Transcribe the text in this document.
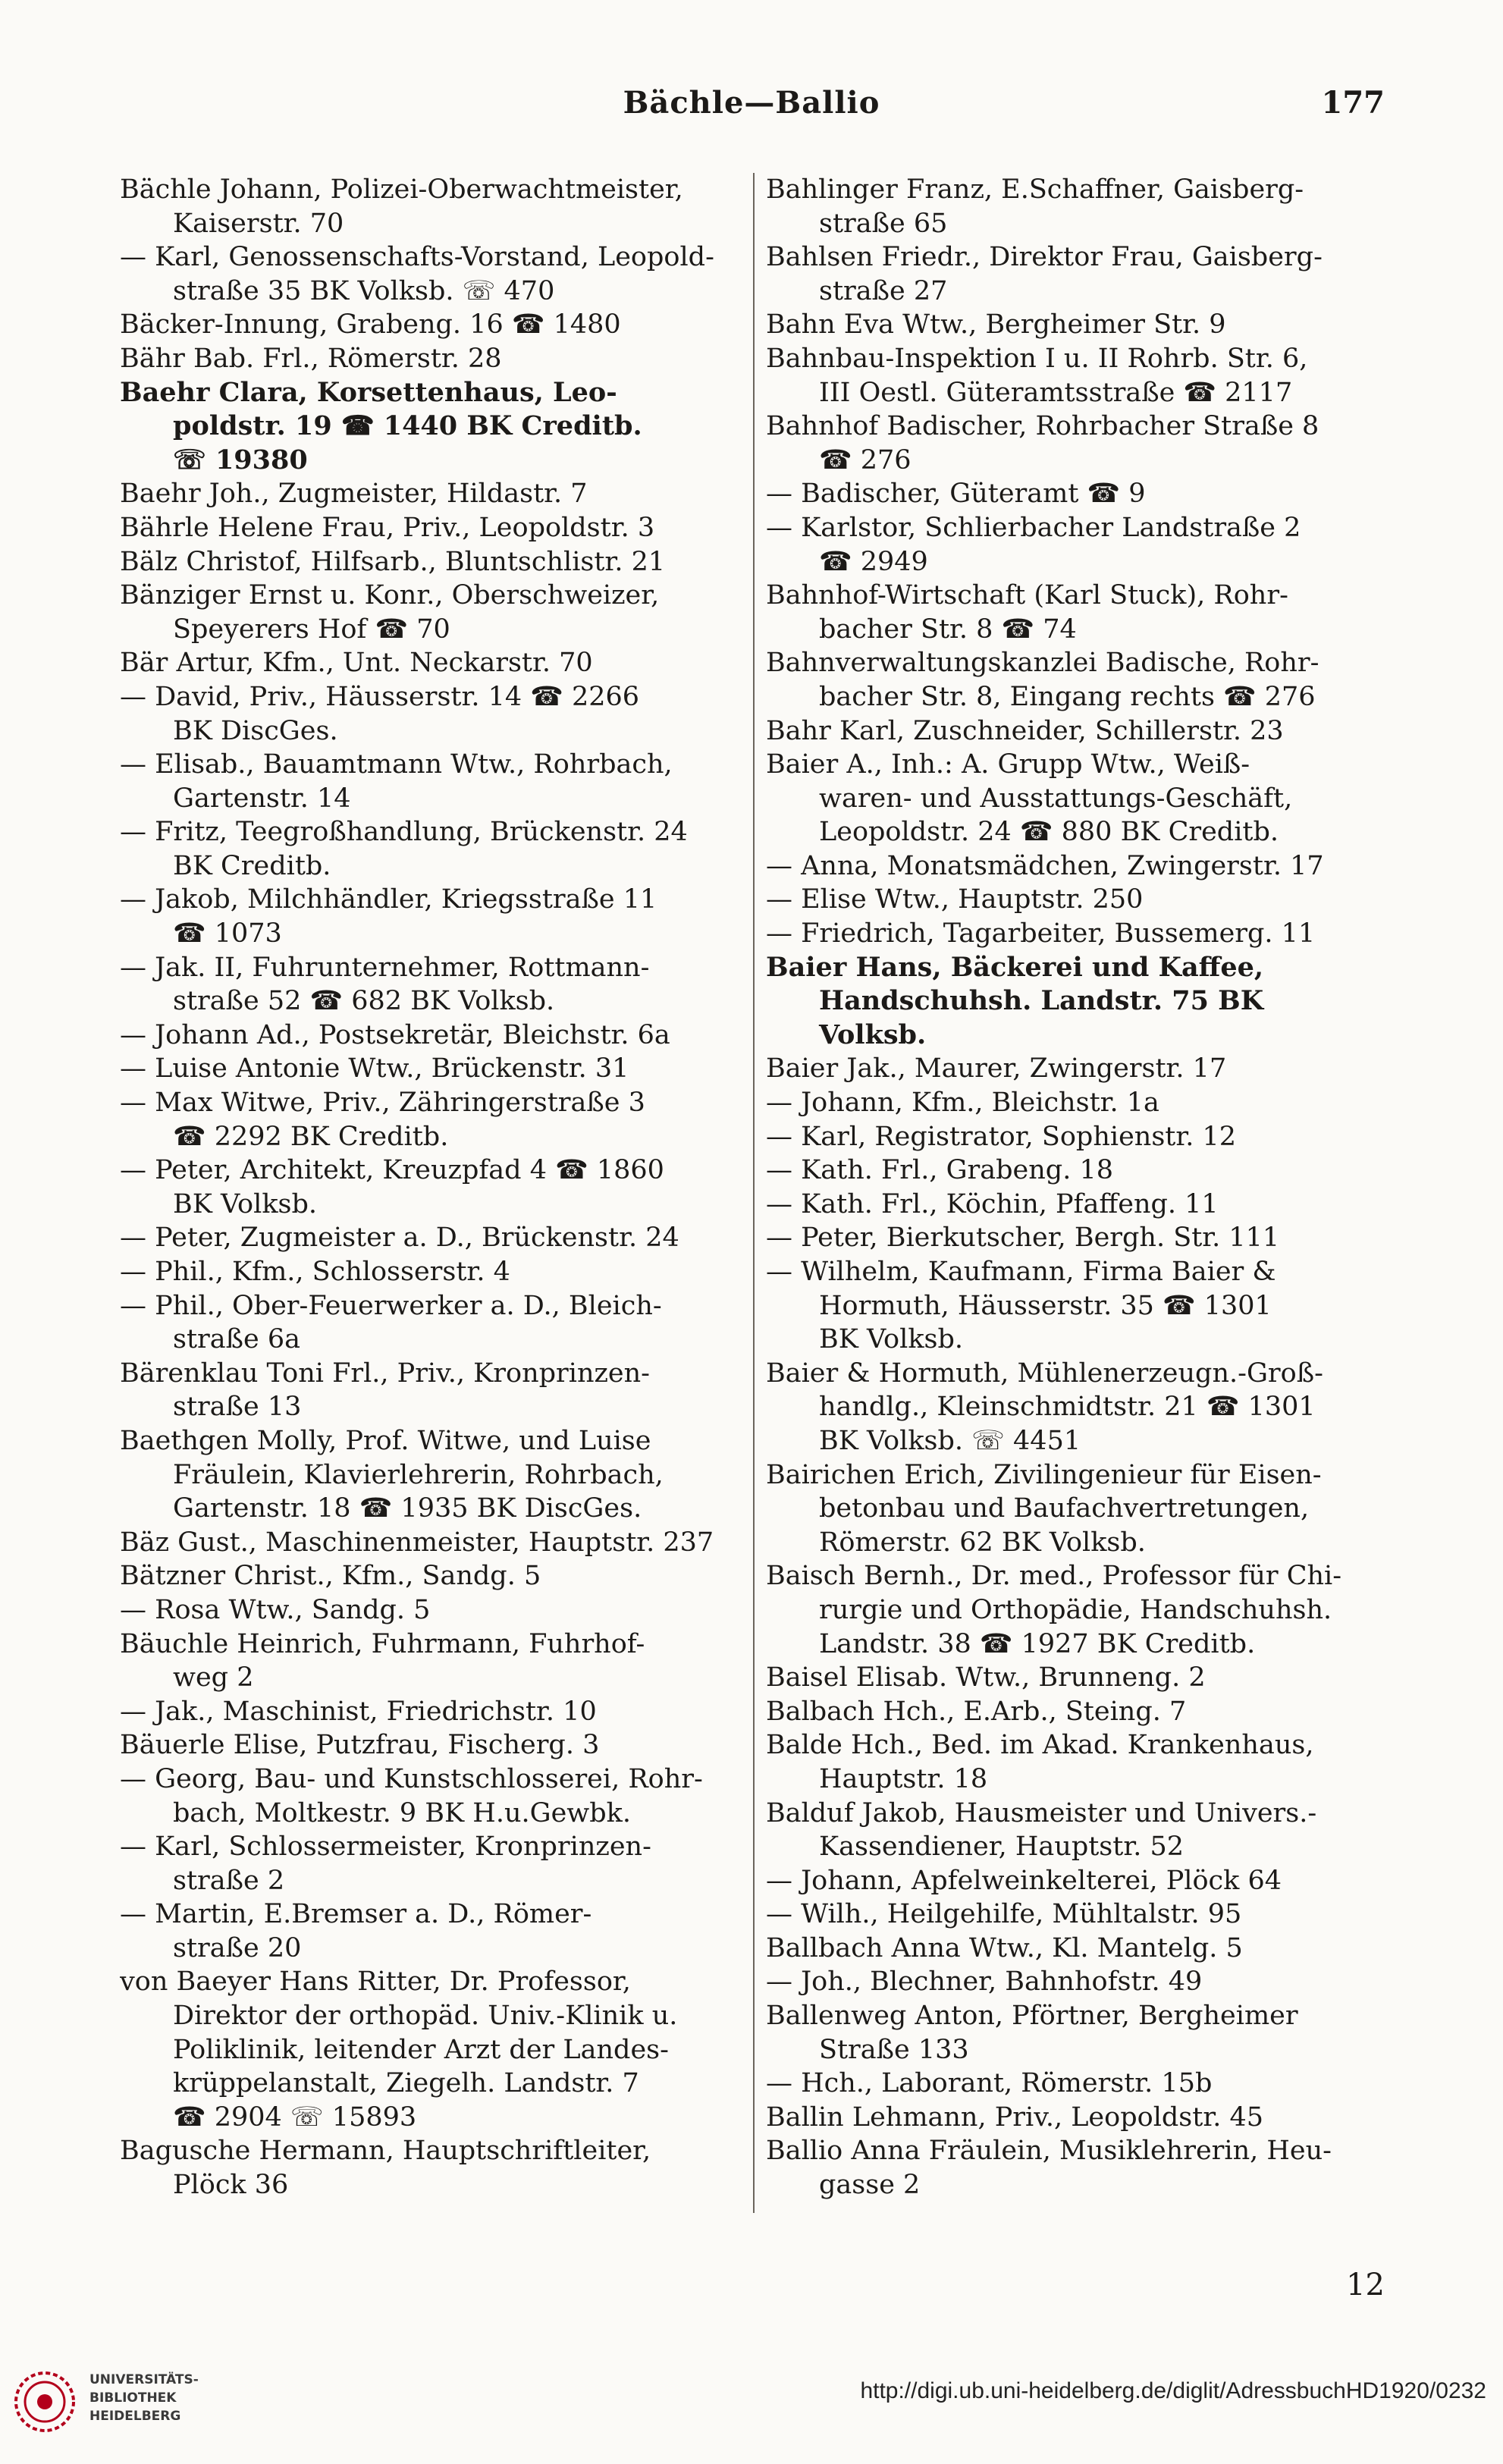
Bächle—Ballio	177
Bächle Johann, Polizei-Oberwachtmeister,
Kaiserstr. 70
— Karl, Genossenschafts-Vorstand, Leopold-
straße 35 BK Volksb. ☏ 470
Bäcker-Innung, Grabeng. 16 ☎ 1480
Bähr Bab. Frl., Römerstr. 28
Baehr Clara, Korsettenhaus, Leo-
poldstr. 19 ☎ 1440 BK Creditb.
☏ 19380
Baehr Joh., Zugmeister, Hildastr. 7
Bährle Helene Frau, Priv., Leopoldstr. 3
Bälz Christof, Hilfsarb., Bluntschlistr. 21
Bänziger Ernst u. Konr., Oberschweizer,
Speyerers Hof ☎ 70
Bär Artur, Kfm., Unt. Neckarstr. 70
— David, Priv., Häusserstr. 14 ☎ 2266
BK DiscGes.
— Elisab., Bauamtmann Wtw., Rohrbach,
Gartenstr. 14
— Fritz, Teegroßhandlung, Brückenstr. 24
BK Creditb.
— Jakob, Milchhändler, Kriegsstraße 11
☎ 1073
— Jak. II, Fuhrunternehmer, Rottmann-
straße 52 ☎ 682 BK Volksb.
— Johann Ad., Postsekretär, Bleichstr. 6a
— Luise Antonie Wtw., Brückenstr. 31
— Max Witwe, Priv., Zähringerstraße 3
☎ 2292 BK Creditb.
— Peter, Architekt, Kreuzpfad 4 ☎ 1860
BK Volksb.
— Peter, Zugmeister a. D., Brückenstr. 24
— Phil., Kfm., Schlosserstr. 4
— Phil., Ober-Feuerwerker a. D., Bleich-
straße 6a
Bärenklau Toni Frl., Priv., Kronprinzen-
straße 13
Baethgen Molly, Prof. Witwe, und Luise
Fräulein, Klavierlehrerin, Rohrbach,
Gartenstr. 18 ☎ 1935 BK DiscGes.
Bäz Gust., Maschinenmeister, Hauptstr. 237
Bätzner Christ., Kfm., Sandg. 5
— Rosa Wtw., Sandg. 5
Bäuchle Heinrich, Fuhrmann, Fuhrhof-
weg 2
— Jak., Maschinist, Friedrichstr. 10
Bäuerle Elise, Putzfrau, Fischerg. 3
— Georg, Bau- und Kunstschlosserei, Rohr-
bach, Moltkestr. 9 BK H.u.Gewbk.
— Karl, Schlossermeister, Kronprinzen-
straße 2
— Martin, E.Bremser a. D., Römer-
straße 20
von Baeyer Hans Ritter, Dr. Professor,
Direktor der orthopäd. Univ.-Klinik u.
Poliklinik, leitender Arzt der Landes-
krüppelanstalt, Ziegelh. Landstr. 7
☎ 2904 ☏ 15893
Baguschе Hermann, Hauptschriftleiter,
Plöck 36
Bahlinger Franz, E.Schaffner, Gaisberg-
straße 65
Bahlsen Friedr., Direktor Frau, Gaisberg-
straße 27
Bahn Eva Wtw., Bergheimer Str. 9
Bahnbau-Inspektion I u. II Rohrb. Str. 6,
III Oestl. Güteramtsstraße ☎ 2117
Bahnhof Badischer, Rohrbacher Straße 8
☎ 276
— Badischer, Güteramt ☎ 9
— Karlstor, Schlierbacher Landstraße 2
☎ 2949
Bahnhof-Wirtschaft (Karl Stuck), Rohr-
bacher Str. 8 ☎ 74
Bahnverwaltungskanzlei Badische, Rohr-
bacher Str. 8, Eingang rechts ☎ 276
Bahr Karl, Zuschneider, Schillerstr. 23
Baier A., Inh.: A. Grupp Wtw., Weiß-
waren- und Ausstattungs-Geschäft,
Leopoldstr. 24 ☎ 880 BK Creditb.
— Anna, Monatsmädchen, Zwingerstr. 17
— Elise Wtw., Hauptstr. 250
— Friedrich, Tagarbeiter, Bussemerg. 11
Baier Hans, Bäckerei und Kaffee,
Handschuhsh. Landstr. 75 BK
Volksb.
Baier Jak., Maurer, Zwingerstr. 17
— Johann, Kfm., Bleichstr. 1a
— Karl, Registrator, Sophienstr. 12
— Kath. Frl., Grabeng. 18
— Kath. Frl., Köchin, Pfaffeng. 11
— Peter, Bierkutscher, Bergh. Str. 111
— Wilhelm, Kaufmann, Firma Baier &
Hormuth, Häusserstr. 35 ☎ 1301
BK Volksb.
Baier & Hormuth, Mühlenerzeugn.-Groß-
handlg., Kleinschmidtstr. 21 ☎ 1301
BK Volksb. ☏ 4451
Bairichen Erich, Zivilingenieur für Eisen-
betonbau und Baufachvertretungen,
Römerstr. 62 BK Volksb.
Baisch Bernh., Dr. med., Professor für Chi-
rurgie und Orthopädie, Handschuhsh.
Landstr. 38 ☎ 1927 BK Creditb.
Baisel Elisab. Wtw., Brunneng. 2
Balbach Hch., E.Arb., Steing. 7
Balde Hch., Bed. im Akad. Krankenhaus,
Hauptstr. 18
Balduf Jakob, Hausmeister und Univers.-
Kassendiener, Hauptstr. 52
— Johann, Apfelweinkelterei, Plöck 64
— Wilh., Heilgehilfe, Mühltalstr. 95
Ballbach Anna Wtw., Kl. Mantelg. 5
— Joh., Blechner, Bahnhofstr. 49
Ballenweg Anton, Pförtner, Bergheimer
Straße 133
— Hch., Laborant, Römerstr. 15b
Ballin Lehmann, Priv., Leopoldstr. 45
Ballio Anna Fräulein, Musiklehrerin, Heu-
gasse 2
12
UNIVERSITÄTS-
BIBLIOTHEK
HEIDELBERG
http://digi.ub.uni-heidelberg.de/diglit/AdressbuchHD1920/0232
